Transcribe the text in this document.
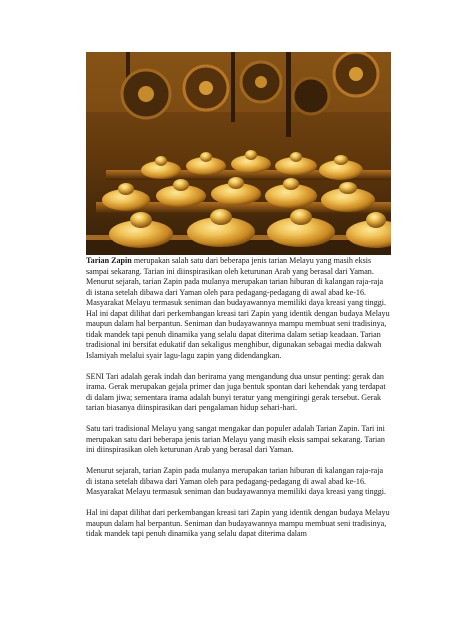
Tarian Zapin merupakan salah satu dari beberapa jenis tarian Melayu yang masih eksis sampai sekarang. Tarian ini diinspirasikan oleh keturunan Arab yang berasal dari Yaman. Menurut sejarah, tarian Zapin pada mulanya merupakan tarian hiburan di kalangan raja-raja di istana setelah dibawa dari Yaman oleh para pedagang-pedagang di awal abad ke-16. Masyarakat Melayu termasuk seniman dan budayawannya memiliki daya kreasi yang tinggi. Hal ini dapat dilihat dari perkembangan kreasi tari Zapin yang identik dengan budaya Melayu maupun dalam hal berpantun. Seniman dan budayawannya mampu membuat seni tradisinya, tidak mandek tapi penuh dinamika yang selalu dapat diterima dalam setiap keadaan. Tarian tradisional ini bersifat edukatif dan sekaligus menghibur, digunakan sebagai media dakwah Islamiyah melalui syair lagu-lagu zapin yang didendangkan.

SENI Tari adalah gerak indah dan berirama yang mengandung dua unsur penting: gerak dan irama. Gerak merupakan gejala primer dan juga bentuk spontan dari kehendak yang terdapat di dalam jiwa; sementara irama adalah bunyi teratur yang mengiringi gerak tersebut. Gerak tarian biasanya diinspirasikan dari pengalaman hidup sehari-hari.

Satu tari tradisional Melayu yang sangat mengakar dan populer adalah Tarian Zapin. Tari ini merupakan satu dari beberapa jenis tarian Melayu yang masih eksis sampai sekarang. Tarian ini diinspirasikan oleh keturunan Arab yang berasal dari Yaman.

Menurut sejarah, tarian Zapin pada mulanya merupakan tarian hiburan di kalangan raja-raja di istana setelah dibawa dari Yaman oleh para pedagang-pedagang di awal abad ke-16. Masyarakat Melayu termasuk seniman dan budayawannya memiliki daya kreasi yang tinggi.

Hal ini dapat dilihat dari perkembangan kreasi tari Zapin yang identik dengan budaya Melayu maupun dalam hal berpantun. Seniman dan budayawannya mampu membuat seni tradisinya, tidak mandek tapi penuh dinamika yang selalu dapat diterima dalam
